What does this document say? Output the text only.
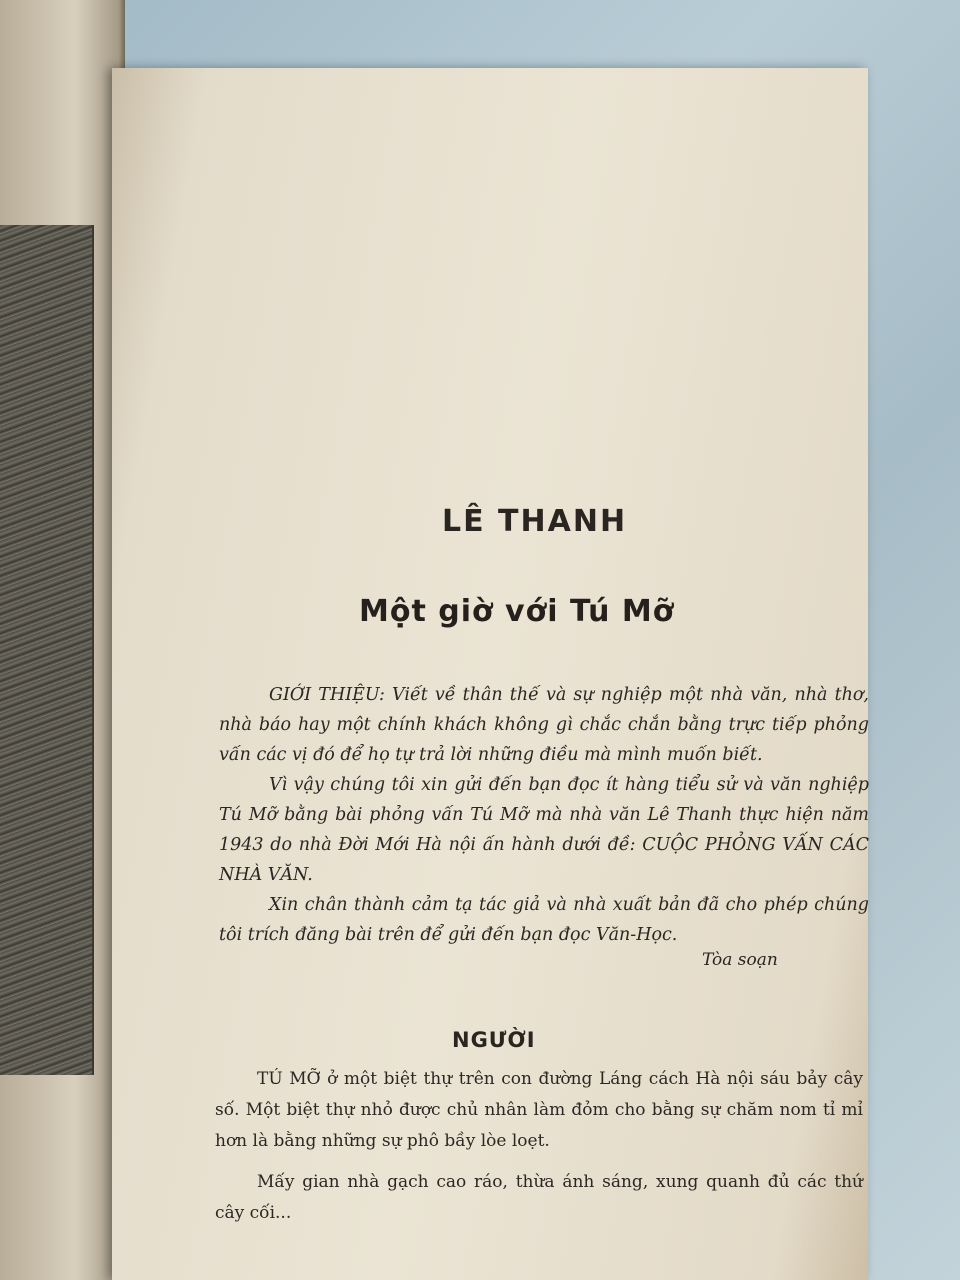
LÊ THANH
Một giờ với Tú Mỡ

GIỚI THIỆU: Viết về thân thế và sự nghiệp một nhà văn, nhà thơ, nhà báo hay một chính khách không gì chắc chắn bằng trực tiếp phỏng vấn các vị đó để họ tự trả lời những điều mà mình muốn biết.

Vì vậy chúng tôi xin gửi đến bạn đọc ít hàng tiểu sử và văn nghiệp Tú Mỡ bằng bài phỏng vấn Tú Mỡ mà nhà văn Lê Thanh thực hiện năm 1943 do nhà Đời Mới Hà nội ấn hành dưới đề: CUỘC PHỎNG VẤN CÁC NHÀ VĂN.

Xin chân thành cảm tạ tác giả và nhà xuất bản đã cho phép chúng tôi trích đăng bài trên để gửi đến bạn đọc Văn-Học.

Tòa soạn
NGƯỜI

TÚ MỠ ở một biệt thự trên con đường Láng cách Hà nội sáu bảy cây số. Một biệt thự nhỏ được chủ nhân làm đỏm cho bằng sự chăm nom tỉ mỉ hơn là bằng những sự phô bầy lòe loẹt.

Mấy gian nhà gạch cao ráo, thừa ánh sáng, xung quanh đủ các thứ cây cối...
